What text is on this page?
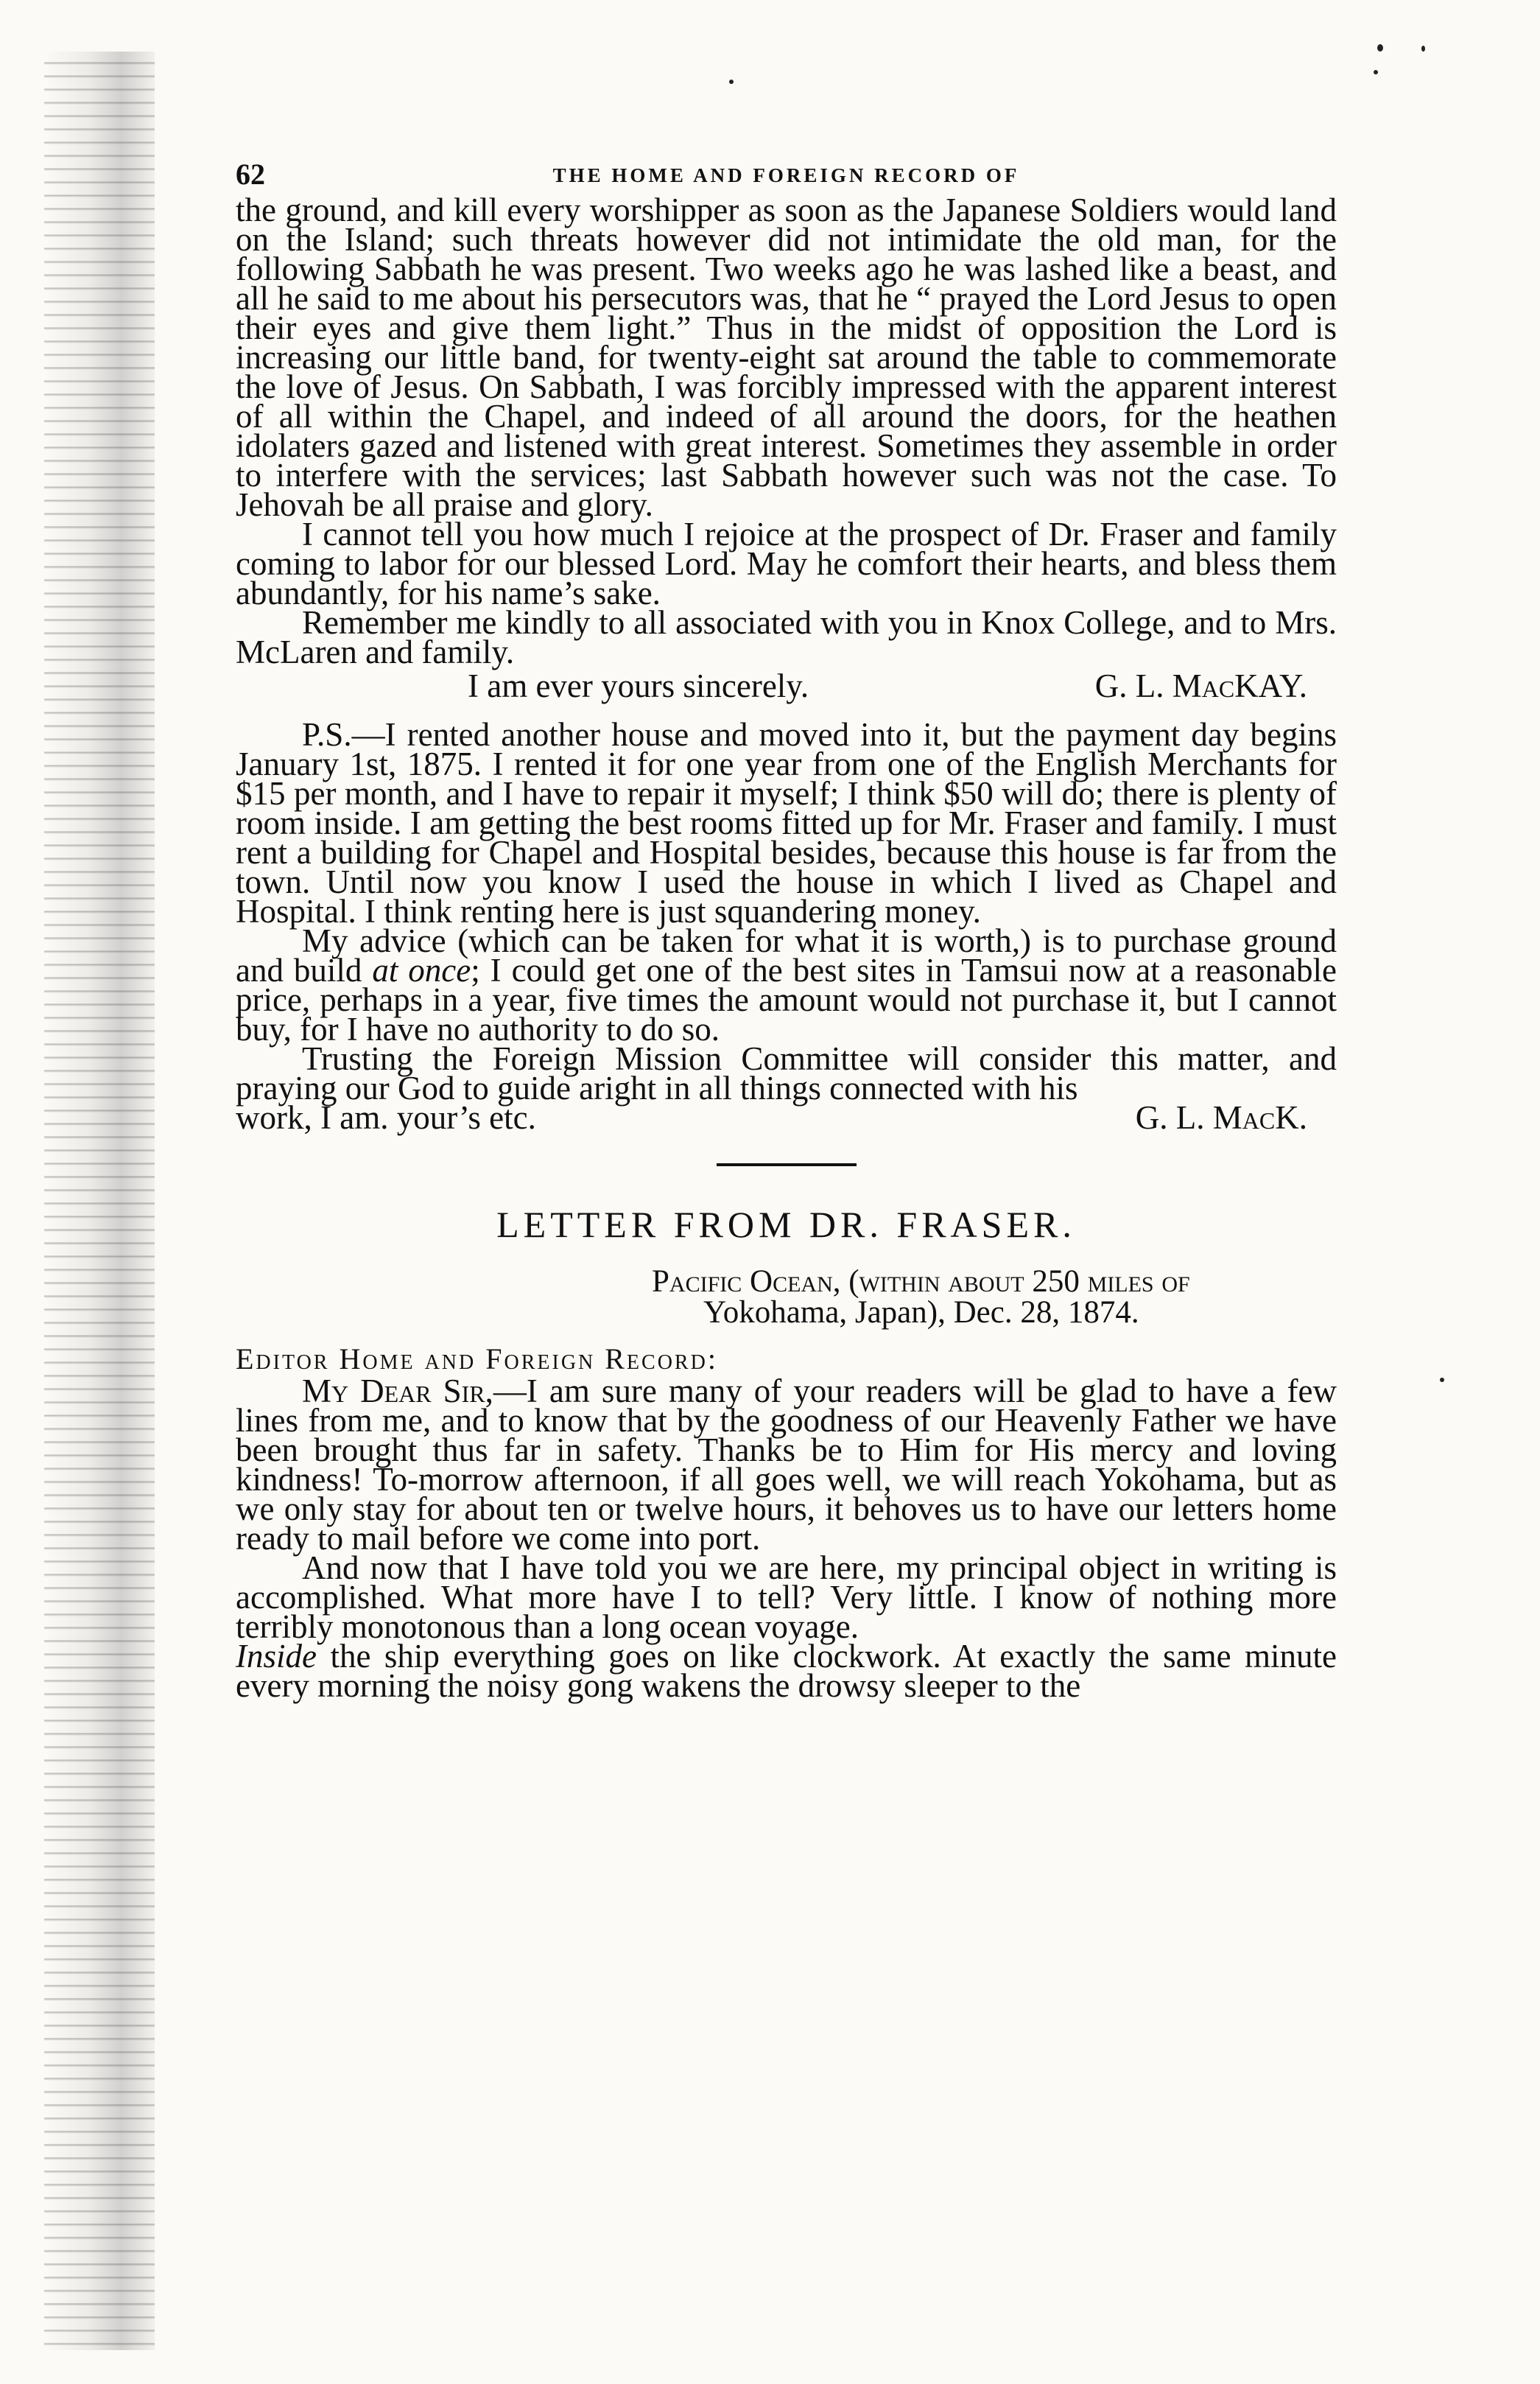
62	THE HOME AND FOREIGN RECORD OF

the ground, and kill every worshipper as soon as the Japanese Soldiers would land on the Island; such threats however did not intimidate the old man, for the following Sabbath he was present. Two weeks ago he was lashed like a beast, and all he said to me about his persecutors was, that he “ prayed the Lord Jesus to open their eyes and give them light.” Thus in the midst of opposition the Lord is increasing our little band, for twenty-eight sat around the table to commemorate the love of Jesus. On Sabbath, I was forcibly impressed with the apparent interest of all within the Chapel, and indeed of all around the doors, for the heathen idolaters gazed and listened with great interest. Sometimes they assemble in order to interfere with the services; last Sabbath however such was not the case. To Jehovah be all praise and glory.

I cannot tell you how much I rejoice at the prospect of Dr. Fraser and family coming to labor for our blessed Lord. May he comfort their hearts, and bless them abundantly, for his name’s sake.

Remember me kindly to all associated with you in Knox College, and to Mrs. McLaren and family.

I am ever yours sincerely.	G. L. MacKAY.

P.S.—I rented another house and moved into it, but the payment day begins January 1st, 1875. I rented it for one year from one of the English Merchants for $15 per month, and I have to repair it myself; I think $50 will do; there is plenty of room inside. I am getting the best rooms fitted up for Mr. Fraser and family. I must rent a building for Chapel and Hospital besides, because this house is far from the town. Until now you know I used the house in which I lived as Chapel and Hospital. I think renting here is just squandering money.

My advice (which can be taken for what it is worth,) is to purchase ground and build at once; I could get one of the best sites in Tamsui now at a reasonable price, perhaps in a year, five times the amount would not purchase it, but I cannot buy, for I have no authority to do so.

Trusting the Foreign Mission Committee will consider this matter, and praying our God to guide aright in all things connected with his

work, I am. your’s etc.	G. L. MacK.
LETTER FROM DR. FRASER.
Pacific Ocean, (within about 250 miles of
Yokohama, Japan), Dec. 28, 1874.
Editor Home and Foreign Record:

My Dear Sir,—I am sure many of your readers will be glad to have a few lines from me, and to know that by the goodness of our Heavenly Father we have been brought thus far in safety. Thanks be to Him for His mercy and loving kindness! To-morrow afternoon, if all goes well, we will reach Yokohama, but as we only stay for about ten or twelve hours, it behoves us to have our letters home ready to mail before we come into port.

And now that I have told you we are here, my principal object in writing is accomplished. What more have I to tell? Very little. I know of nothing more terribly monotonous than a long ocean voyage.

Inside the ship everything goes on like clockwork. At exactly the same minute every morning the noisy gong wakens the drowsy sleeper to the
